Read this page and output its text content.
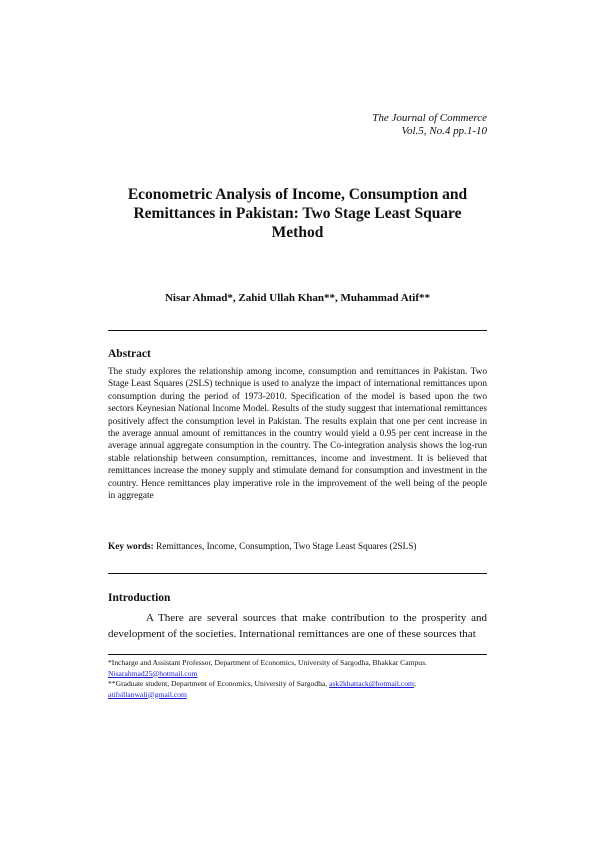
The Journal of Commerce
Vol.5, No.4 pp.1-10
Econometric Analysis of Income, Consumption and Remittances in Pakistan: Two Stage Least Square Method
Nisar Ahmad*, Zahid Ullah Khan**, Muhammad Atif**
Abstract
The study explores the relationship among income, consumption and remittances in Pakistan. Two Stage Least Squares (2SLS) technique is used to analyze the impact of international remittances upon consumption during the period of 1973-2010. Specification of the model is based upon the two sectors Keynesian National Income Model. Results of the study suggest that international remittances positively affect the consumption level in Pakistan. The results explain that one per cent increase in the average annual amount of remittances in the country would yield a 0.95 per cent increase in the average annual aggregate consumption in the country. The Co-integration analysis shows the log-run stable relationship between consumption, remittances, income and investment. It is believed that remittances increase the money supply and stimulate demand for consumption and investment in the country. Hence remittances play imperative role in the improvement of the well being of the people in aggregate
Key words: Remittances, Income, Consumption, Two Stage Least Squares (2SLS)
Introduction
A There are several sources that make contribution to the prosperity and development of the societies. International remittances are one of these sources that
*Incharge and Assistant Professor, Department of Economics, University of Sargodha, Bhakkar Campus.
Nisarahmad25@hotmail.com
**Graduate student, Department of Economics, University of Sargodha, ask2khattack@hotmail.com;
atifsillanwali@gmail.com
